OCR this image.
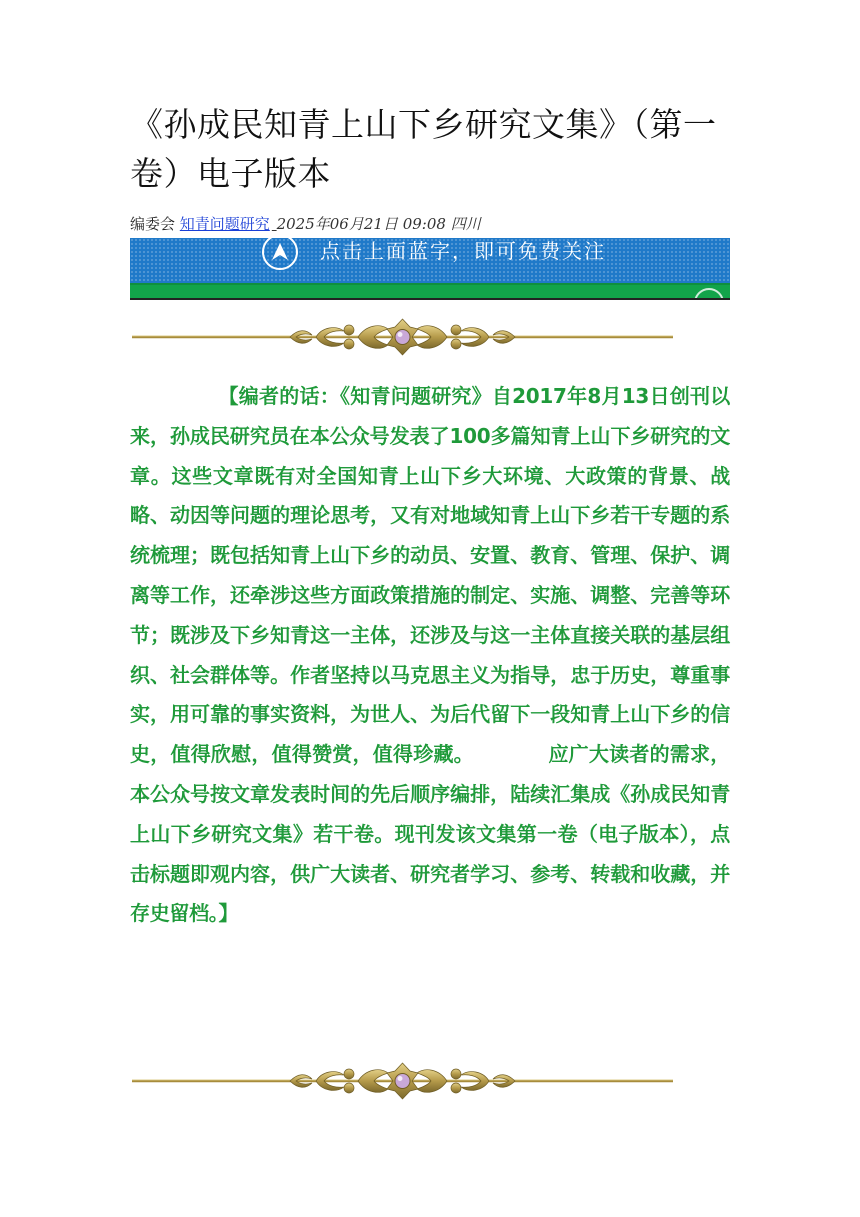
《孙成民知青上山下乡研究文集》（第一卷）电子版本
编委会 知青问题研究 2025年06月21日 09:08 四川
点击上面蓝字，即可免费关注

【编者的话：《知青问题研究》自2017年8月13日创刊以来，孙成民研究员在本公众号发表了100多篇知青上山下乡研究的文章。这些文章既有对全国知青上山下乡大环境、大政策的背景、战略、动因等问题的理论思考，又有对地域知青上山下乡若干专题的系统梳理；既包括知青上山下乡的动员、安置、教育、管理、保护、调离等工作，还牵涉这些方面政策措施的制定、实施、调整、完善等环节；既涉及下乡知青这一主体，还涉及与这一主体直接关联的基层组织、社会群体等。作者坚持以马克思主义为指导，忠于历史，尊重事实，用可靠的事实资料，为世人、为后代留下一段知青上山下乡的信史，值得欣慰，值得赞赏，值得珍藏。	应广大读者的需求，本公众号按文章发表时间的先后顺序编排，陆续汇集成《孙成民知青上山下乡研究文集》若干卷。现刊发该文集第一卷（电子版本），点击标题即观内容，供广大读者、研究者学习、参考、转载和收藏，并存史留档。】
